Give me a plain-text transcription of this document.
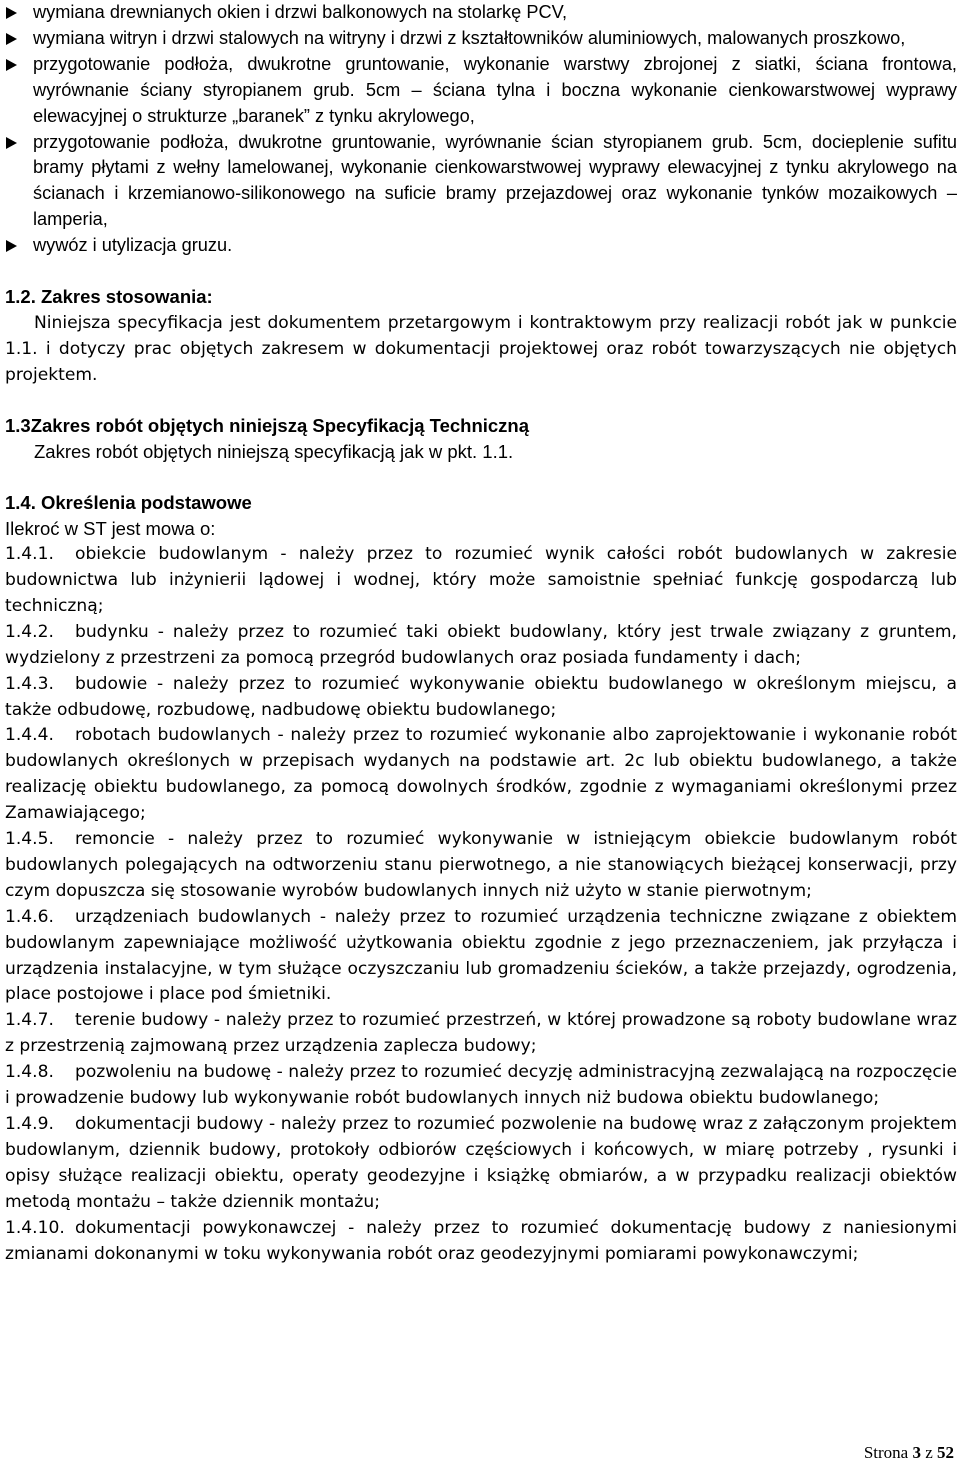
wymiana drewnianych okien i drzwi balkonowych na stolarkę PCV,
wymiana witryn i drzwi stalowych na witryny i drzwi z kształtowników aluminiowych, malowanych proszkowo,
przygotowanie podłoża, dwukrotne gruntowanie, wykonanie warstwy zbrojonej z siatki, ściana frontowa, wyrównanie ściany styropianem grub. 5cm – ściana tylna i boczna wykonanie cienkowarstwowej wyprawy elewacyjnej o strukturze „baranek” z tynku akrylowego,
przygotowanie podłoża, dwukrotne gruntowanie, wyrównanie ścian styropianem grub. 5cm, docieplenie sufitu bramy płytami z wełny lamelowanej, wykonanie cienkowarstwowej wyprawy elewacyjnej z tynku akrylowego na ścianach i krzemianowo-silikonowego na suficie bramy przejazdowej oraz wykonanie tynków mozaikowych – lamperia,
wywóz i utylizacja gruzu.
1.2. Zakres stosowania:
Niniejsza specyfikacja jest dokumentem przetargowym i kontraktowym przy realizacji robót jak w punkcie 1.1. i dotyczy prac objętych zakresem w dokumentacji projektowej oraz robót towarzyszących nie objętych projektem.
1.3Zakres robót objętych niniejszą Specyfikacją Techniczną
Zakres robót objętych niniejszą specyfikacją jak w pkt. 1.1.
1.4. Określenia podstawowe
Ilekroć w ST jest mowa o:
1.4.1. obiekcie budowlanym - należy przez to rozumieć wynik całości robót budowlanych w zakresie budownictwa lub inżynierii lądowej i wodnej, który może samoistnie spełniać funkcję gospodarczą lub techniczną;
1.4.2. budynku - należy przez to rozumieć taki obiekt budowlany, który jest trwale związany z gruntem, wydzielony z przestrzeni za pomocą przegród budowlanych oraz posiada fundamenty i dach;
1.4.3. budowie - należy przez to rozumieć wykonywanie obiektu budowlanego w określonym miejscu, a także odbudowę, rozbudowę, nadbudowę obiektu budowlanego;
1.4.4. robotach budowlanych - należy przez to rozumieć wykonanie albo zaprojektowanie i wykonanie robót budowlanych określonych w przepisach wydanych na podstawie art. 2c lub obiektu budowlanego, a także realizację obiektu budowlanego, za pomocą dowolnych środków, zgodnie z wymaganiami określonymi przez Zamawiającego;
1.4.5. remoncie - należy przez to rozumieć wykonywanie w istniejącym obiekcie budowlanym robót budowlanych polegających na odtworzeniu stanu pierwotnego, a nie stanowiących bieżącej konserwacji, przy czym dopuszcza się stosowanie wyrobów budowlanych innych niż użyto w stanie pierwotnym;
1.4.6. urządzeniach budowlanych - należy przez to rozumieć urządzenia techniczne związane z obiektem budowlanym zapewniające możliwość użytkowania obiektu zgodnie z jego przeznaczeniem, jak przyłącza i urządzenia instalacyjne, w tym służące oczyszczaniu lub gromadzeniu ścieków, a także przejazdy, ogrodzenia, place postojowe i place pod śmietniki.
1.4.7. terenie budowy - należy przez to rozumieć przestrzeń, w której prowadzone są roboty budowlane wraz z przestrzenią zajmowaną przez urządzenia zaplecza budowy;
1.4.8. pozwoleniu na budowę - należy przez to rozumieć decyzję administracyjną zezwalającą na rozpoczęcie i prowadzenie budowy lub wykonywanie robót budowlanych innych niż budowa obiektu budowlanego;
1.4.9. dokumentacji budowy - należy przez to rozumieć pozwolenie na budowę wraz z załączonym projektem budowlanym, dziennik budowy, protokoły odbiorów częściowych i końcowych, w miarę potrzeby , rysunki i opisy służące realizacji obiektu, operaty geodezyjne i książkę obmiarów, a w przypadku realizacji obiektów metodą montażu – także dziennik montażu;
1.4.10. dokumentacji powykonawczej - należy przez to rozumieć dokumentację budowy z naniesionymi zmianami dokonanymi w toku wykonywania robót oraz geodezyjnymi pomiarami powykonawczymi;
Strona 3 z 52
